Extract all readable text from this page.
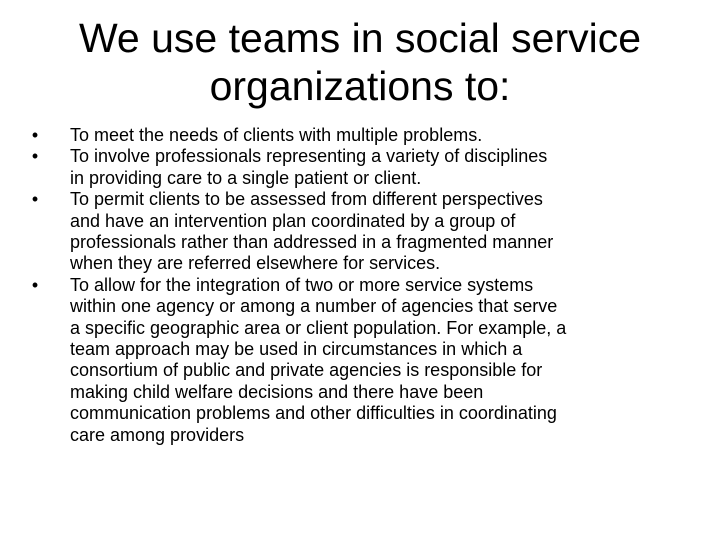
We use teams in social service
organizations to:
• To meet the needs of clients with multiple problems.
• To involve professionals representing a variety of disciplines
in providing care to a single patient or client.
• To permit clients to be assessed from different perspectives
and have an intervention plan coordinated by a group of
professionals rather than addressed in a fragmented manner
when they are referred elsewhere for services.
• To allow for the integration of two or more service systems
within one agency or among a number of agencies that serve
a specific geographic area or client population. For example, a
team approach may be used in circumstances in which a
consortium of public and private agencies is responsible for
making child welfare decisions and there have been
communication problems and other difficulties in coordinating
care among providers
